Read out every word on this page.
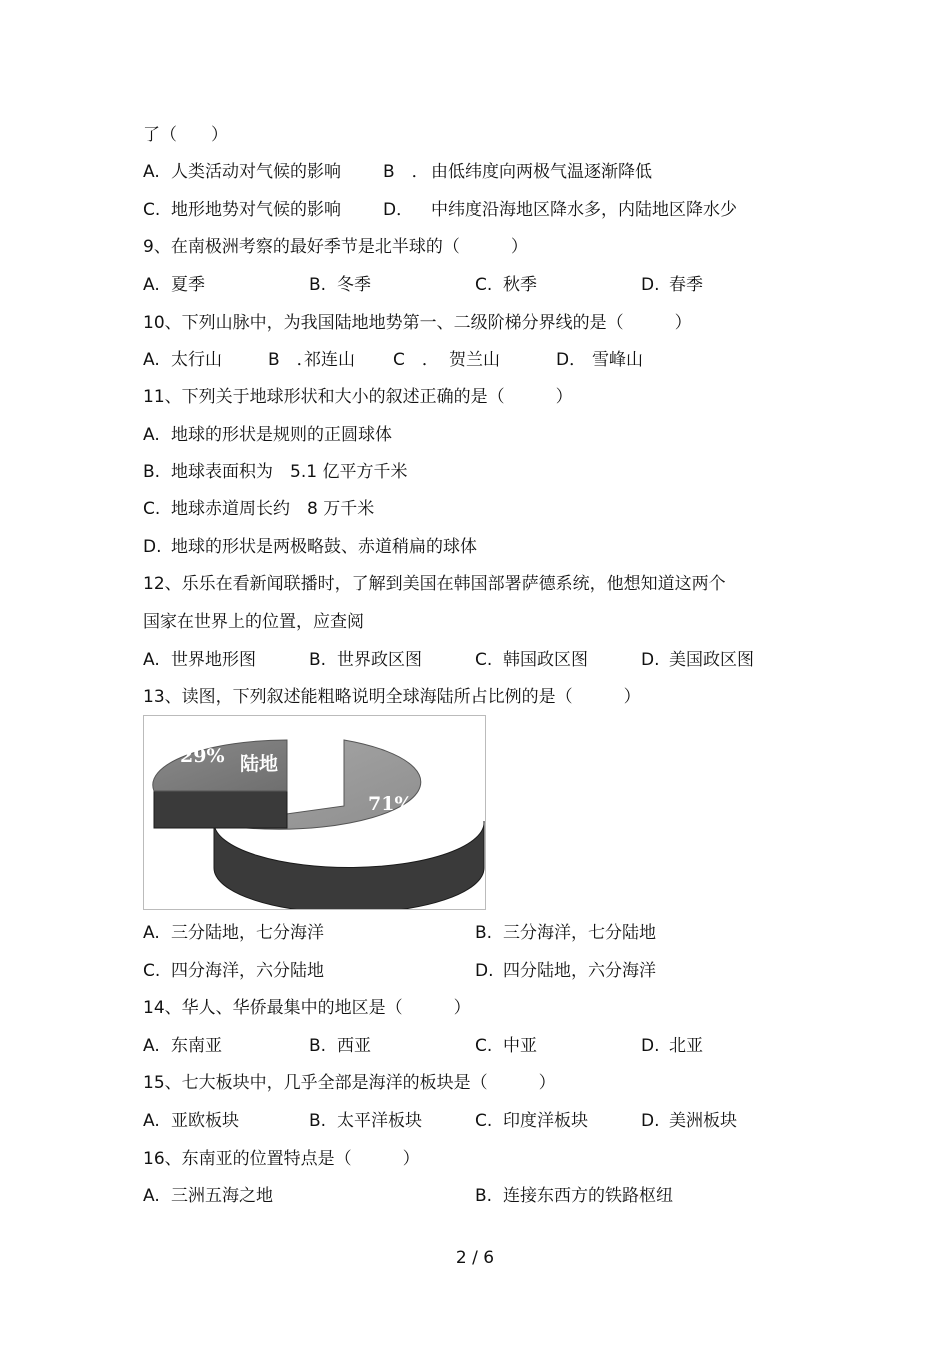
了（　　）
A. 人类活动对气候的影响 B　． 由低纬度向两极气温逐渐降低
C. 地形地势对气候的影响 D． 中纬度沿海地区降水多，内陆地区降水少
9、在南极洲考察的最好季节是北半球的（　　　）
A. 夏季	B. 冬季	C. 秋季	D. 春季
10、下列山脉中，为我国陆地地势第一、二级阶梯分界线的是（　　　）
A. 太行山	B　．祁连山 C　． 贺兰山	D． 雪峰山
11、下列关于地球形状和大小的叙述正确的是（　　　）
A. 地球的形状是规则的正圆球体
B. 地球表面积为　5.1 亿平方千米
C. 地球赤道周长约　8 万千米
D. 地球的形状是两极略鼓、赤道稍扁的球体
12、乐乐在看新闻联播时，了解到美国在韩国部署萨德系统，他想知道这两个
国家在世界上的位置，应查阅
A. 世界地形图	B. 世界政区图	C. 韩国政区图	D. 美国政区图
13、读图，下列叙述能粗略说明全球海陆所占比例的是（　　　）
29% 陆地
71% 海洋
A. 三分陆地，七分海洋	B. 三分海洋，七分陆地
C. 四分海洋，六分陆地	D. 四分陆地，六分海洋
14、华人、华侨最集中的地区是（　　　）
A. 东南亚	B. 西亚	C. 中亚	D. 北亚
15、七大板块中，几乎全部是海洋的板块是（　　　）
A. 亚欧板块	B. 太平洋板块	C. 印度洋板块	D. 美洲板块
16、东南亚的位置特点是（　　　）
A. 三洲五海之地	B. 连接东西方的铁路枢纽
2 / 6
